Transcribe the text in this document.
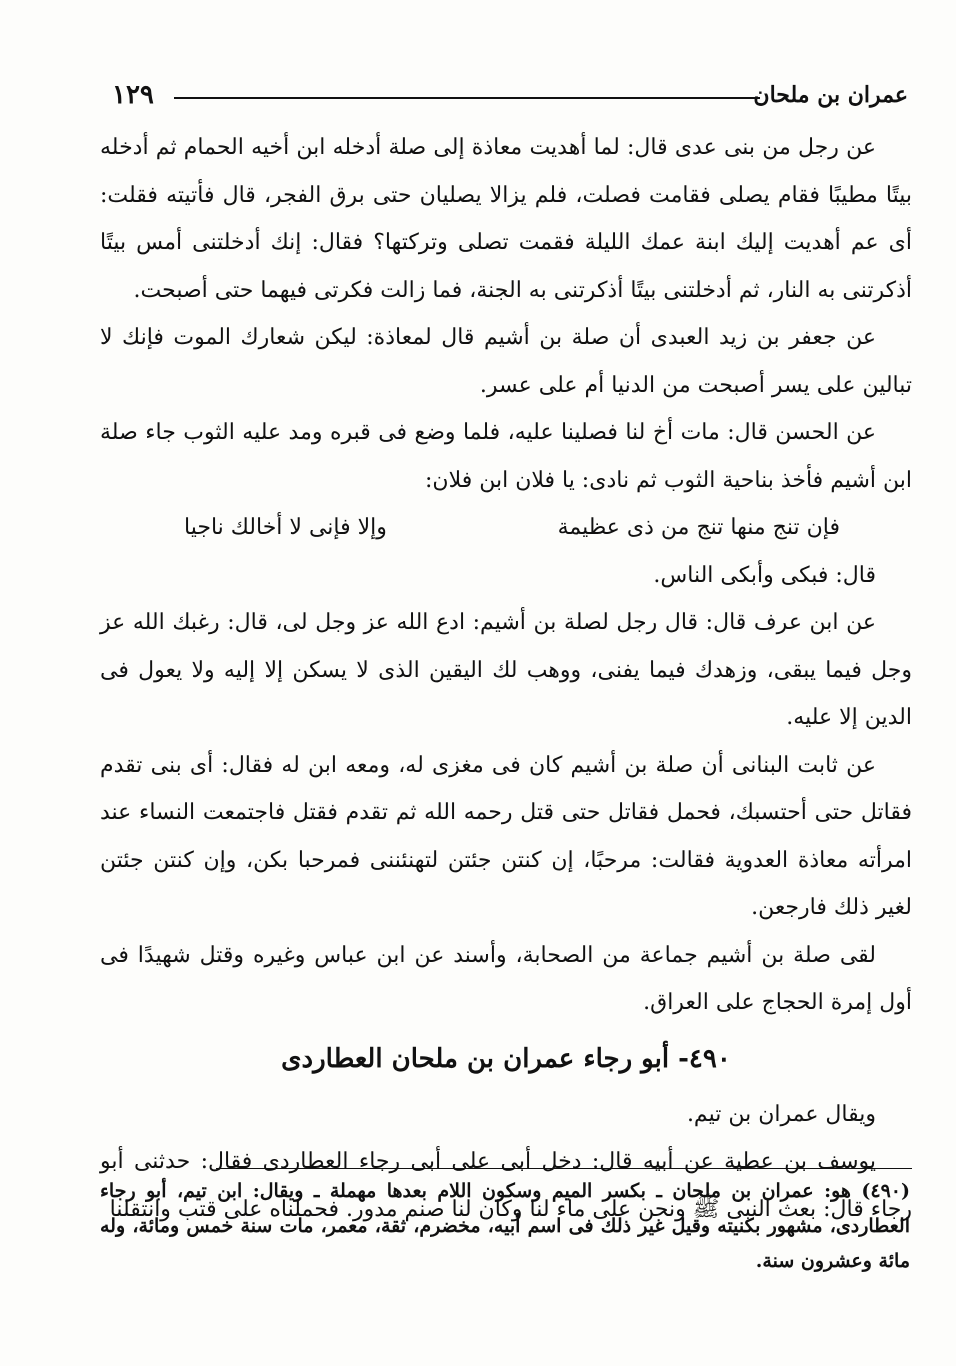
عمران بن ملحان
١٢٩

عن رجل من بنى عدى قال: لما أهديت معاذة إلى صلة أدخله ابن أخيه الحمام ثم أدخله بيتًا مطيبًا فقام يصلى فقامت فصلت، فلم يزالا يصليان حتى برق الفجر، قال فأتيته فقلت: أى عم أهديت إليك ابنة عمك الليلة فقمت تصلى وتركتها؟ فقال: إنك أدخلتنى أمس بيتًا أذكرتنى به النار، ثم أدخلتنى بيتًا أذكرتنى به الجنة، فما زالت فكرتى فيهما حتى أصبحت.

عن جعفر بن زيد العبدى أن صلة بن أشيم قال لمعاذة: ليكن شعارك الموت فإنك لا تبالين على يسر أصبحت من الدنيا أم على عسر.

عن الحسن قال: مات أخ لنا فصلينا عليه، فلما وضع فى قبره ومد عليه الثوب جاء صلة ابن أشيم فأخذ بناحية الثوب ثم نادى: يا فلان ابن فلان:

فإن تنج منها تنج من ذى عظيمة
وإلا فإنى لا أخالك ناجيا

قال: فبكى وأبكى الناس.

عن ابن عرف قال: قال رجل لصلة بن أشيم: ادع الله عز وجل لى، قال: رغبك الله عز وجل فيما يبقى، وزهدك فيما يفنى، ووهب لك اليقين الذى لا يسكن إلا إليه ولا يعول فى الدين إلا عليه.

عن ثابت البنانى أن صلة بن أشيم كان فى مغزى له، ومعه ابن له فقال: أى بنى تقدم فقاتل حتى أحتسبك، فحمل فقاتل حتى قتل رحمه الله ثم تقدم فقتل فاجتمعت النساء عند امرأته معاذة العدوية فقالت: مرحبًا، إن كنتن جئتن لتهنئننى فمرحبا بكن، وإن كنتن جئتن لغير ذلك فارجعن.

لقى صلة بن أشيم جماعة من الصحابة، وأسند عن ابن عباس وغيره وقتل شهيدًا فى أول إمرة الحجاج على العراق.

٤٩٠- أبو رجاء عمران بن ملحان العطاردى

ويقال عمران بن تيم.

يوسف بن عطية عن أبيه قال: دخل أبى على أبى رجاء العطاردى فقال: حدثنى أبو رجاء قال: بعث النبى ﷺ ونحن على ماء لنا وكان لنا صنم مدور. فحملناه على قتب وانتقلنا

(٤٩٠) هو: عمران بن ملحان ـ بكسر الميم وسكون اللام بعدها مهملة ـ ويقال: ابن تيم، أبو رجاء العطاردى، مشهور بكنيته وقيل غير ذلك فى اسم أبيه، مخضرم، ثقة، معمر، مات سنة خمس ومائة، وله مائة وعشرون سنة.
